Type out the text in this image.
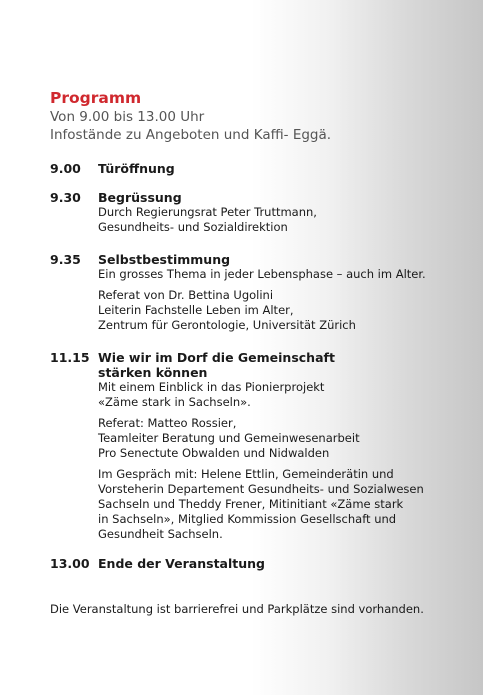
Programm
Von 9.00 bis 13.00 Uhr
Infostände zu Angeboten und Kaffi- Eggä.
9.00	Türöffnung
9.30	Begrüssung
Durch Regierungsrat Peter Truttmann,
Gesundheits- und Sozialdirektion
9.35	Selbstbestimmung
Ein grosses Thema in jeder Lebensphase – auch im Alter.
Referat von Dr. Bettina Ugolini
Leiterin Fachstelle Leben im Alter,
Zentrum für Gerontologie, Universität Zürich
11.15 Wie wir im Dorf die Gemeinschaft
stärken können
Mit einem Einblick in das Pionierprojekt
«Zäme stark in Sachseln».
Referat: Matteo Rossier,
Teamleiter Beratung und Gemeinwesenarbeit
Pro Senectute Obwalden und Nidwalden
Im Gespräch mit: Helene Ettlin, Gemeinderätin und
Vorsteherin Departement Gesundheits- und Sozialwesen
Sachseln und Theddy Frener, Mitinitiant «Zäme stark
in Sachseln», Mitglied Kommission Gesellschaft und
Gesundheit Sachseln.
13.00 Ende der Veranstaltung
Die Veranstaltung ist barrierefrei und Parkplätze sind vorhanden.
